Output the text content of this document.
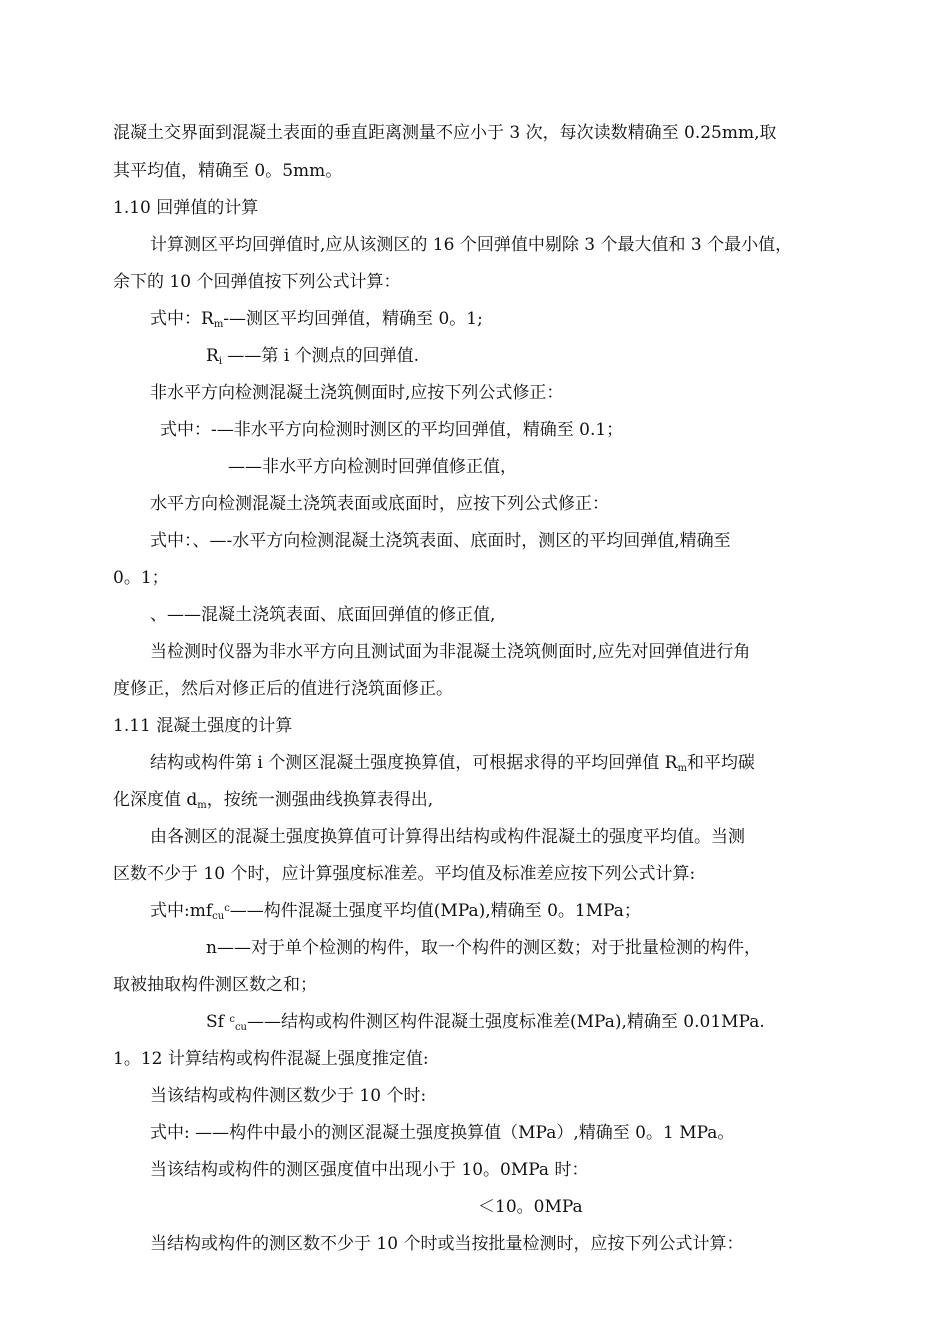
混凝土交界面到混凝土表面的垂直距离测量不应小于 3 次，每次读数精确至 0.25mm,取
其平均值，精确至 0。5mm。
1.10 回弹值的计算
计算测区平均回弹值时,应从该测区的 16 个回弹值中剔除 3 个最大值和 3 个最小值，
余下的 10 个回弹值按下列公式计算：
式中：$R_m-—$测区平均回弹值，精确至 0。1;
$R_i$ ——第 i 个测点的回弹值.
非水平方向检测混凝土浇筑侧面时,应按下列公式修正：
式中：-—非水平方向检测时测区的平均回弹值，精确至 0.1；
——非水平方向检测时回弹值修正值，
水平方向检测混凝土浇筑表面或底面时，应按下列公式修正：
式中：、—-水平方向检测混凝土浇筑表面、底面时，测区的平均回弹值,精确至
0。1；
、——混凝土浇筑表面、底面回弹值的修正值,
当检测时仪器为非水平方向且测试面为非混凝土浇筑侧面时,应先对回弹值进行角
度修正，然后对修正后的值进行浇筑面修正。
1.11 混凝土强度的计算
结构或构件第 i 个测区混凝土强度换算值，可根据求得的平均回弹值 $R_m$和平均碳
化深度值 $d_m$，按统一测强曲线换算表得出,
由各测区的混凝土强度换算值可计算得出结构或构件混凝土的强度平均值。当测
区数不少于 10 个时，应计算强度标准差。平均值及标准差应按下列公式计算:
式中$:mf_{cu}^c——$构件混凝土强度平均值(MPa),精确至 0。1MPa；
n——对于单个检测的构件，取一个构件的测区数；对于批量检测的构件，
取被抽取构件测区数之和；
Sf $^c_{cu}$——结构或构件测区构件混凝土强度标准差(MPa),精确至 0.01MPa.
1。12 计算结构或构件混凝上强度推定值:
当该结构或构件测区数少于 10 个时:
式中: ——构件中最小的测区混凝土强度换算值（MPa）,精确至 0。1 MPa。
当该结构或构件的测区强度值中出现小于 10。0MPa 时：
＜10。0MPa
当结构或构件的测区数不少于 10 个时或当按批量检测时，应按下列公式计算：
